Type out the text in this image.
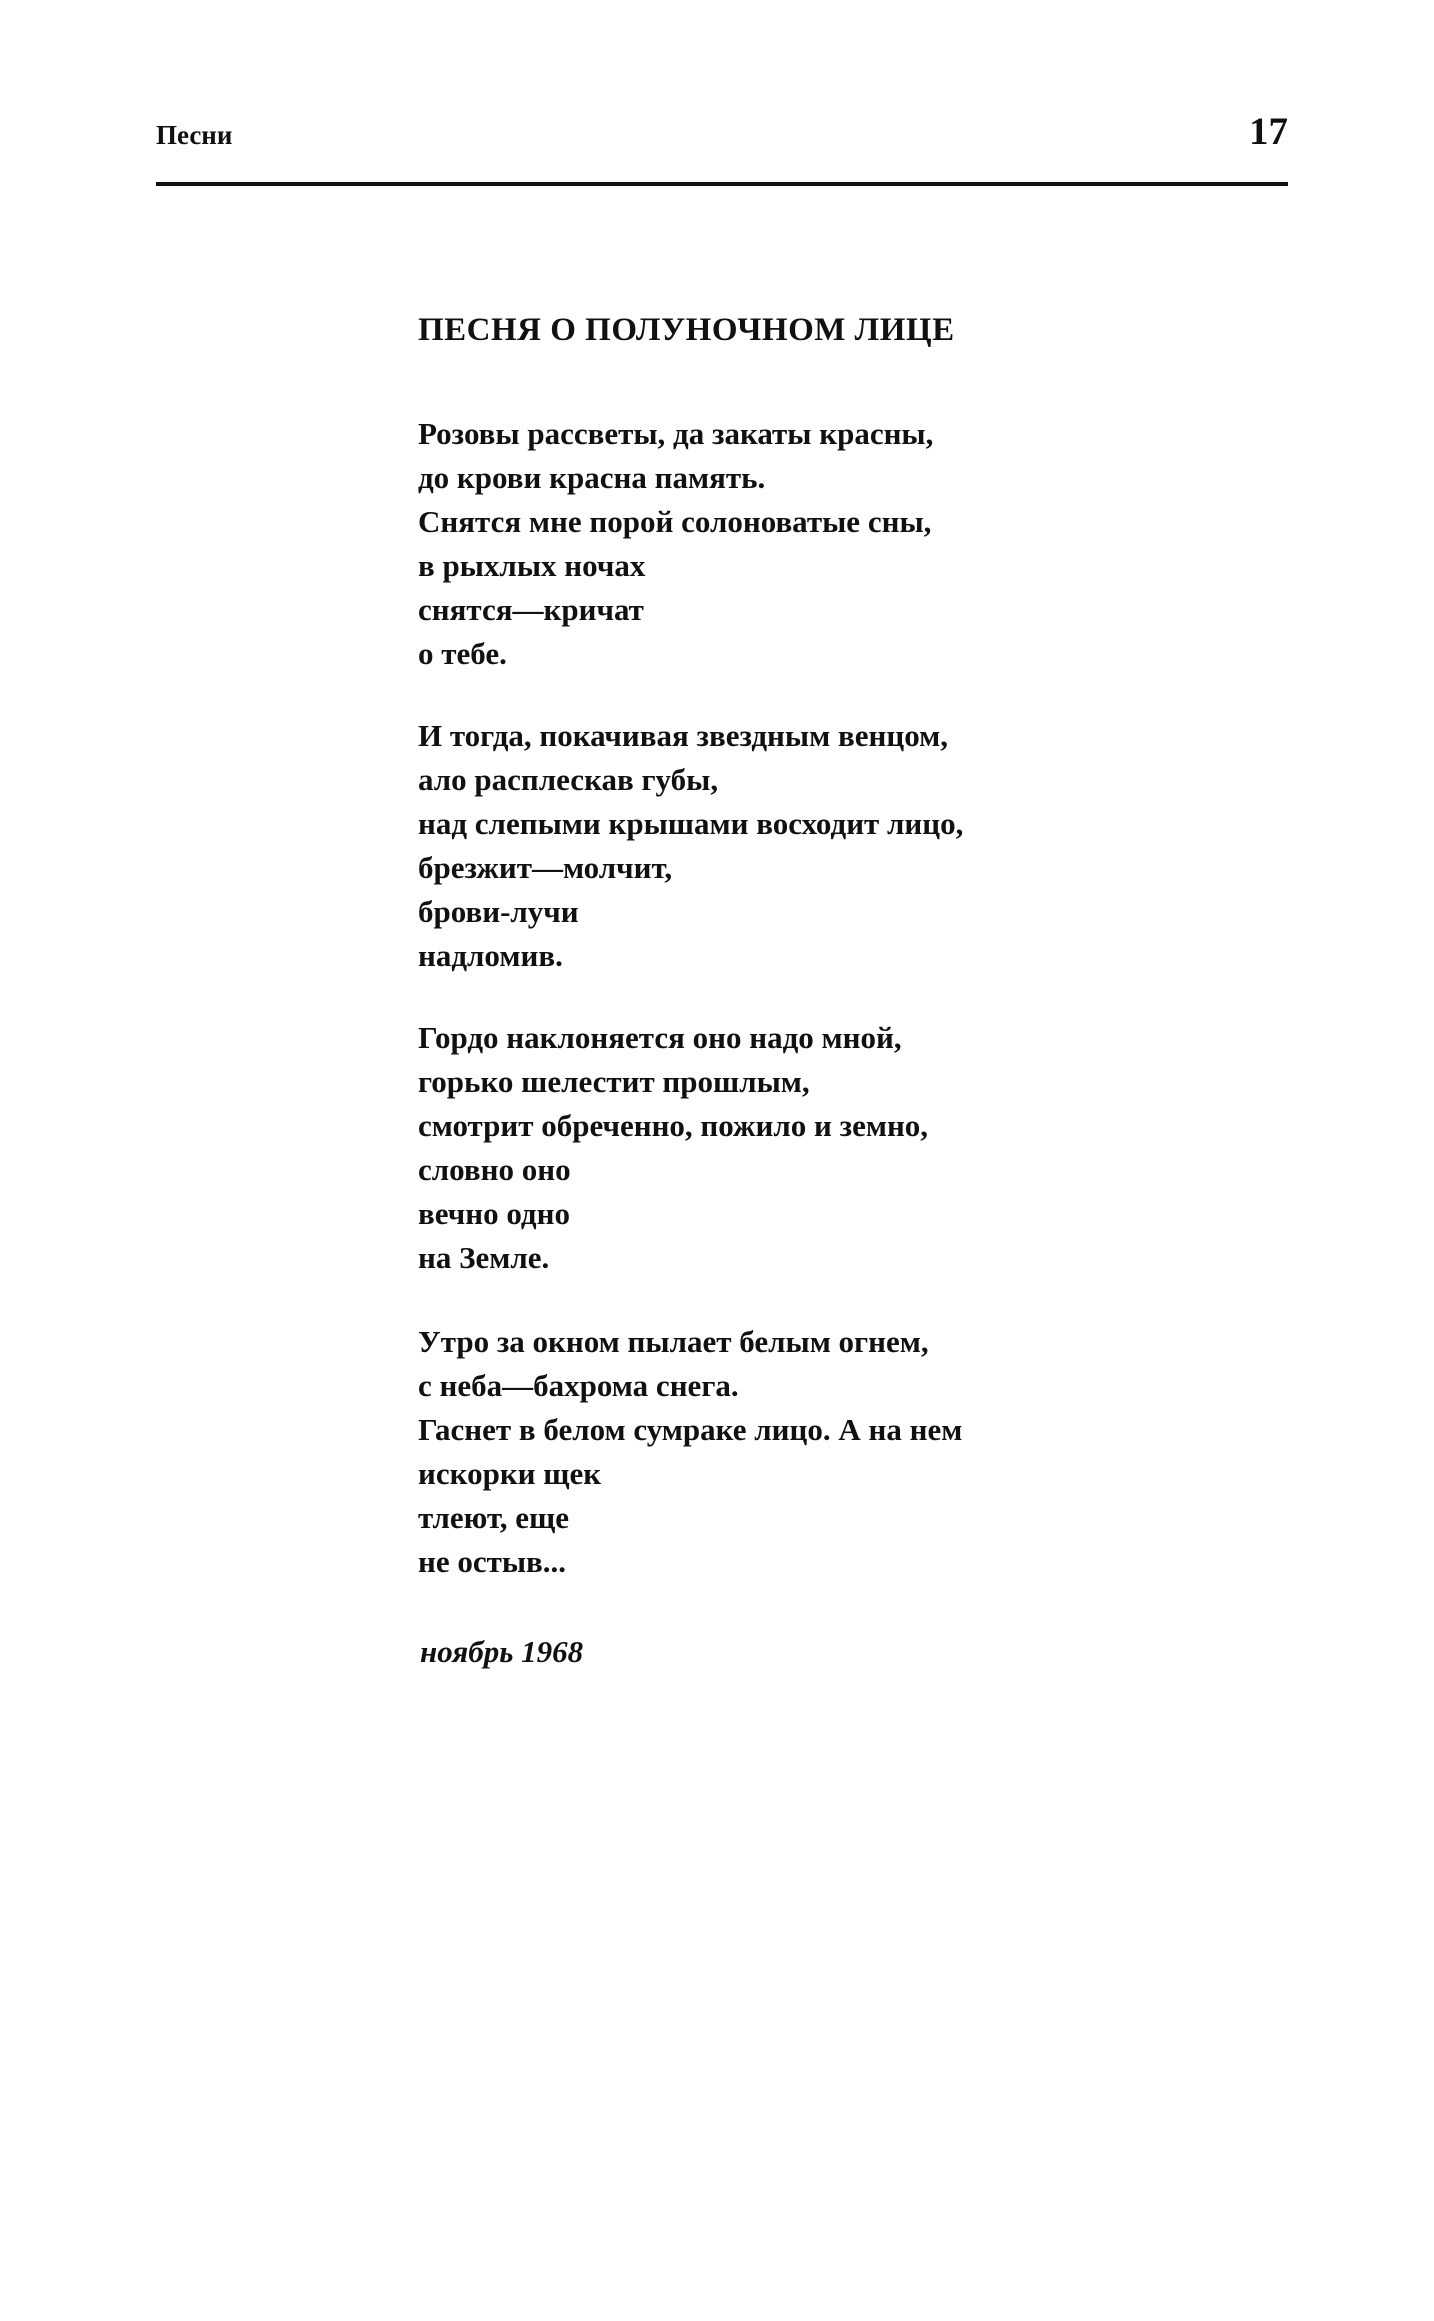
Песни	17
ПЕСНЯ О ПОЛУНОЧНОМ ЛИЦЕ
Розовы рассветы, да закаты красны,
до крови красна память.
Снятся мне порой солоноватые сны,
в рыхлых ночах
снятся—кричат
о тебе.
И тогда, покачивая звездным венцом,
ало расплескав губы,
над слепыми крышами восходит лицо,
брезжит—молчит,
брови-лучи
надломив.
Гордо наклоняется оно надо мной,
горько шелестит прошлым,
смотрит обреченно, пожило и земно,
словно оно
вечно одно
на Земле.
Утро за окном пылает белым огнем,
с неба—бахрома снега.
Гаснет в белом сумраке лицо. А на нем
искорки щек
тлеют, еще
не остыв...
ноябрь 1968
